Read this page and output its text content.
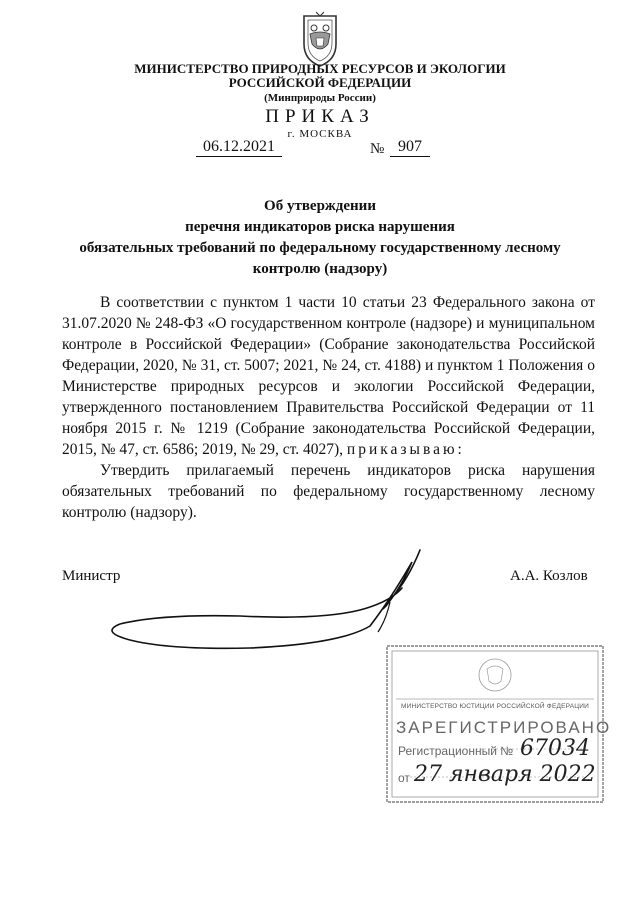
МИНИСТЕРСТВО ПРИРОДНЫХ РЕСУРСОВ И ЭКОЛОГИИ
РОССИЙСКОЙ ФЕДЕРАЦИИ
(Минприроды России)
ПРИКАЗ
г. МОСКВА
06.12.2021	№ 907
Об утверждении
перечня индикаторов риска нарушения
обязательных требований по федеральному государственному лесному
контролю (надзору)

В соответствии с пунктом 1 части 10 статьи 23 Федерального закона от 31.07.2020 № 248-ФЗ «О государственном контроле (надзоре) и муниципальном контроле в Российской Федерации» (Собрание законодательства Российской Федерации, 2020, № 31, ст. 5007; 2021, № 24, ст. 4188) и пунктом 1 Положения о Министерстве природных ресурсов и экологии Российской Федерации, утвержденного постановлением Правительства Российской Федерации от 11 ноября 2015 г. № 1219 (Собрание законодательства Российской Федерации, 2015, № 47, ст. 6586; 2019, № 29, ст. 4027), приказываю:

Утвердить прилагаемый перечень индикаторов риска нарушения обязательных требований по федеральному государственному лесному контролю (надзору).

Министр	А.А. Козлов
МИНИСТЕРСТВО ЮСТИЦИИ РОССИЙСКОЙ ФЕДЕРАЦИИ
ЗАРЕГИСТРИРОВАНО
Регистрационный № 67034
от 27 января 2022
